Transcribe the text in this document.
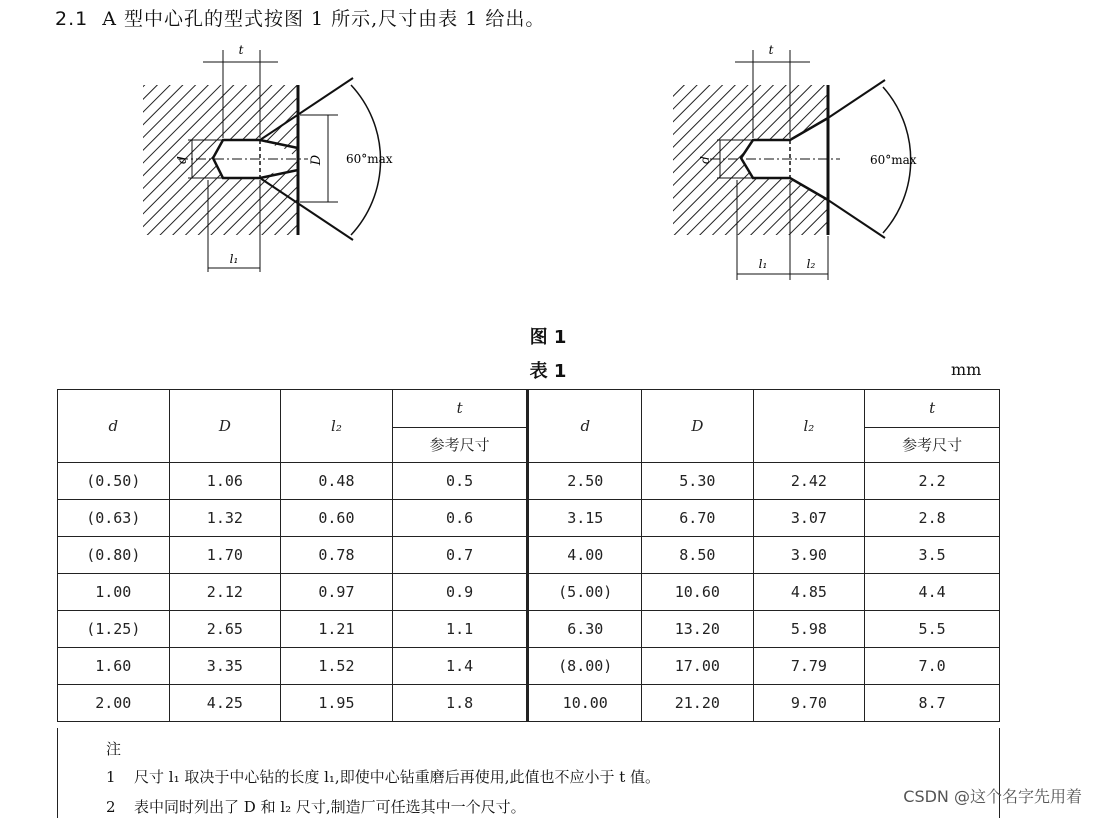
2.1 A 型中心孔的型式按图 1 所示,尺寸由表 1 给出。
d	D
t
l₁
60°max	d
t
l₁	l₂
60°max
图 1
表 1	mm
d	D	l₂	t	d	D	l₂	t
			参考尺寸				参考尺寸
(0.50)	1.06	0.48	0.5	2.50	5.30	2.42	2.2
(0.63)	1.32	0.60	0.6	3.15	6.70	3.07	2.8
(0.80)	1.70	0.78	0.7	4.00	8.50	3.90	3.5
1.00	2.12	0.97	0.9	(5.00)	10.60	4.85	4.4
(1.25)	2.65	1.21	1.1	6.30	13.20	5.98	5.5
1.60	3.35	1.52	1.4	(8.00)	17.00	7.79	7.0
2.00	4.25	1.95	1.8	10.00	21.20	9.70	8.7
注
1 尺寸 l₁ 取决于中心钻的长度 l₁,即使中心钻重磨后再使用,此值也不应小于 t 值。
2 表中同时列出了 D 和 l₂ 尺寸,制造厂可任选其中一个尺寸。
CSDN @这个名字先用着
